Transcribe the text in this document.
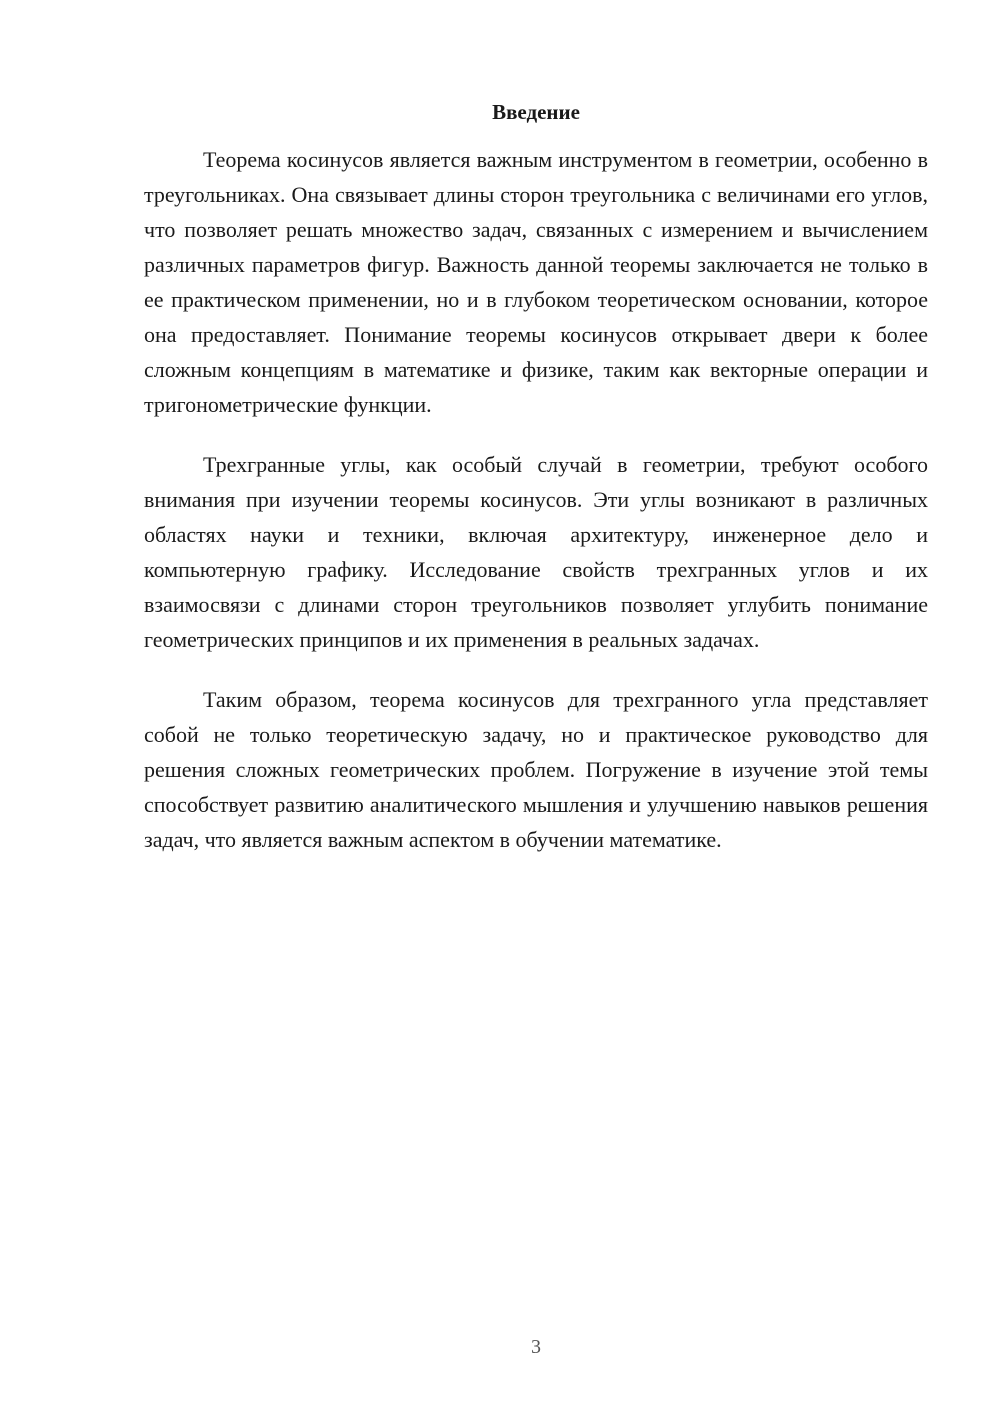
Введение

Теорема косинусов является важным инструментом в геометрии, особенно в треугольниках. Она связывает длины сторон треугольника с величинами его углов, что позволяет решать множество задач, связанных с измерением и вычислением различных параметров фигур. Важность данной теоремы заключается не только в ее практическом применении, но и в глубоком теоретическом основании, которое она предоставляет. Понимание теоремы косинусов открывает двери к более сложным концепциям в математике и физике, таким как векторные операции и тригонометрические функции.

Трехгранные углы, как особый случай в геометрии, требуют особого внимания при изучении теоремы косинусов. Эти углы возникают в различных областях науки и техники, включая архитектуру, инженерное дело и компьютерную графику. Исследование свойств трехгранных углов и их взаимосвязи с длинами сторон треугольников позволяет углубить понимание геометрических принципов и их применения в реальных задачах.

Таким образом, теорема косинусов для трехгранного угла представляет собой не только теоретическую задачу, но и практическое руководство для решения сложных геометрических проблем. Погружение в изучение этой темы способствует развитию аналитического мышления и улучшению навыков решения задач, что является важным аспектом в обучении математике.

3
